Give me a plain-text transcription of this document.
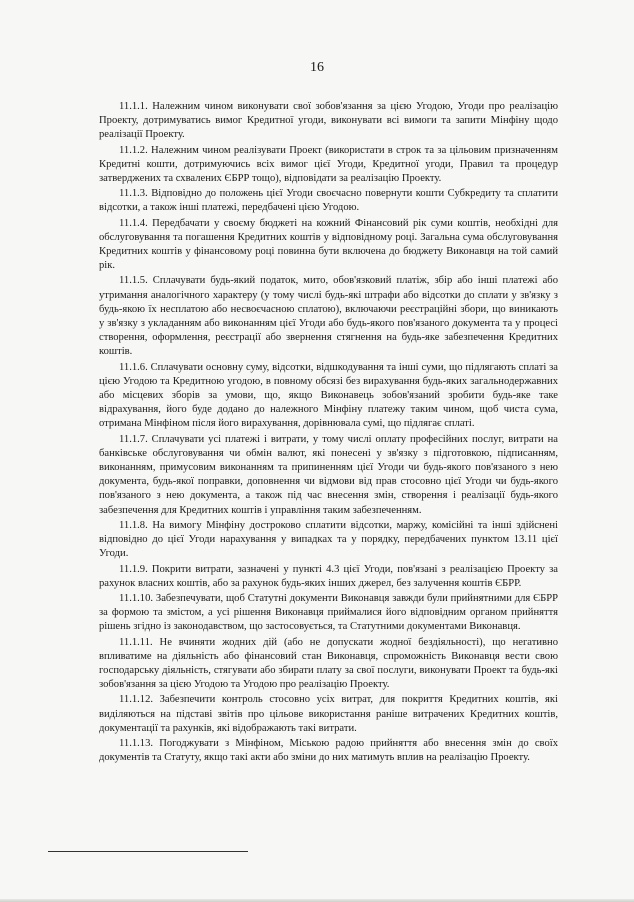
16

11.1.1. Належним чином виконувати свої зобов'язання за цією Угодою, Угоди про реалізацію Проекту, дотримуватись вимог Кредитної угоди, виконувати всі вимоги та запити Мінфіну щодо реалізації Проекту.

11.1.2. Належним чином реалізувати Проект (використати в строк та за цільовим призначенням Кредитні кошти, дотримуючись всіх вимог цієї Угоди, Кредитної угоди, Правил та процедур затверджених та схвалених ЄБРР тощо), відповідати за реалізацію Проекту.

11.1.3. Відповідно до положень цієї Угоди своєчасно повернути кошти Субкредиту та сплатити відсотки, а також інші платежі, передбачені цією Угодою.

11.1.4. Передбачати у своєму бюджеті на кожний Фінансовий рік суми коштів, необхідні для обслуговування та погашення Кредитних коштів у відповідному році. Загальна сума обслуговування Кредитних коштів у фінансовому році повинна бути включена до бюджету Виконавця на той самий рік.

11.1.5. Сплачувати будь-який податок, мито, обов'язковий платіж, збір або інші платежі або утримання аналогічного характеру (у тому числі будь-які штрафи або відсотки до сплати у зв'язку з будь-якою їх несплатою або несвоєчасною сплатою), включаючи реєстраційні збори, що виникають у зв'язку з укладанням або виконанням цієї Угоди або будь-якого пов'язаного документа та у процесі створення, оформлення, реєстрації або звернення стягнення на будь-яке забезпечення Кредитних коштів.

11.1.6. Сплачувати основну суму, відсотки, відшкодування та інші суми, що підлягають сплаті за цією Угодою та Кредитною угодою, в повному обсязі без вирахування будь-яких загальнодержавних або місцевих зборів за умови, що, якщо Виконавець зобов'язаний зробити будь-яке таке відрахування, його буде додано до належного Мінфіну платежу таким чином, щоб чиста сума, отримана Мінфіном після його вирахування, дорівнювала сумі, що підлягає сплаті.

11.1.7. Сплачувати усі платежі і витрати, у тому числі оплату професійних послуг, витрати на банківське обслуговування чи обмін валют, які понесені у зв'язку з підготовкою, підписанням, виконанням, примусовим виконанням та припиненням цієї Угоди чи будь-якого пов'язаного з нею документа, будь-якої поправки, доповнення чи відмови від прав стосовно цієї Угоди чи будь-якого пов'язаного з нею документа, а також під час внесення змін, створення і реалізації будь-якого забезпечення для Кредитних коштів і управління таким забезпеченням.

11.1.8. На вимогу Мінфіну достроково сплатити відсотки, маржу, комісійні та інші здійснені відповідно до цієї Угоди нарахування у випадках та у порядку, передбачених пунктом 13.11 цієї Угоди.

11.1.9. Покрити витрати, зазначені у пункті 4.3 цієї Угоди, пов'язані з реалізацією Проекту за рахунок власних коштів, або за рахунок будь-яких інших джерел, без залучення коштів ЄБРР.

11.1.10. Забезпечувати, щоб Статутні документи Виконавця завжди були прийнятними для ЄБРР за формою та змістом, а усі рішення Виконавця приймалися його відповідним органом прийняття рішень згідно із законодавством, що застосовується, та Статутними документами Виконавця.

11.1.11. Не вчиняти жодних дій (або не допускати жодної бездіяльності), що негативно впливатиме на діяльність або фінансовий стан Виконавця, спроможність Виконавця вести свою господарську діяльність, стягувати або збирати плату за свої послуги, виконувати Проект та будь-які зобов'язання за цією Угодою та Угодою про реалізацію Проекту.

11.1.12. Забезпечити контроль стосовно усіх витрат, для покриття Кредитних коштів, які виділяються на підставі звітів про цільове використання раніше витрачених Кредитних коштів, документації та рахунків, які відображають такі витрати.

11.1.13. Погоджувати з Мінфіном, Міською радою прийняття або внесення змін до своїх документів та Статуту, якщо такі акти або зміни до них матимуть вплив на реалізацію Проекту.
